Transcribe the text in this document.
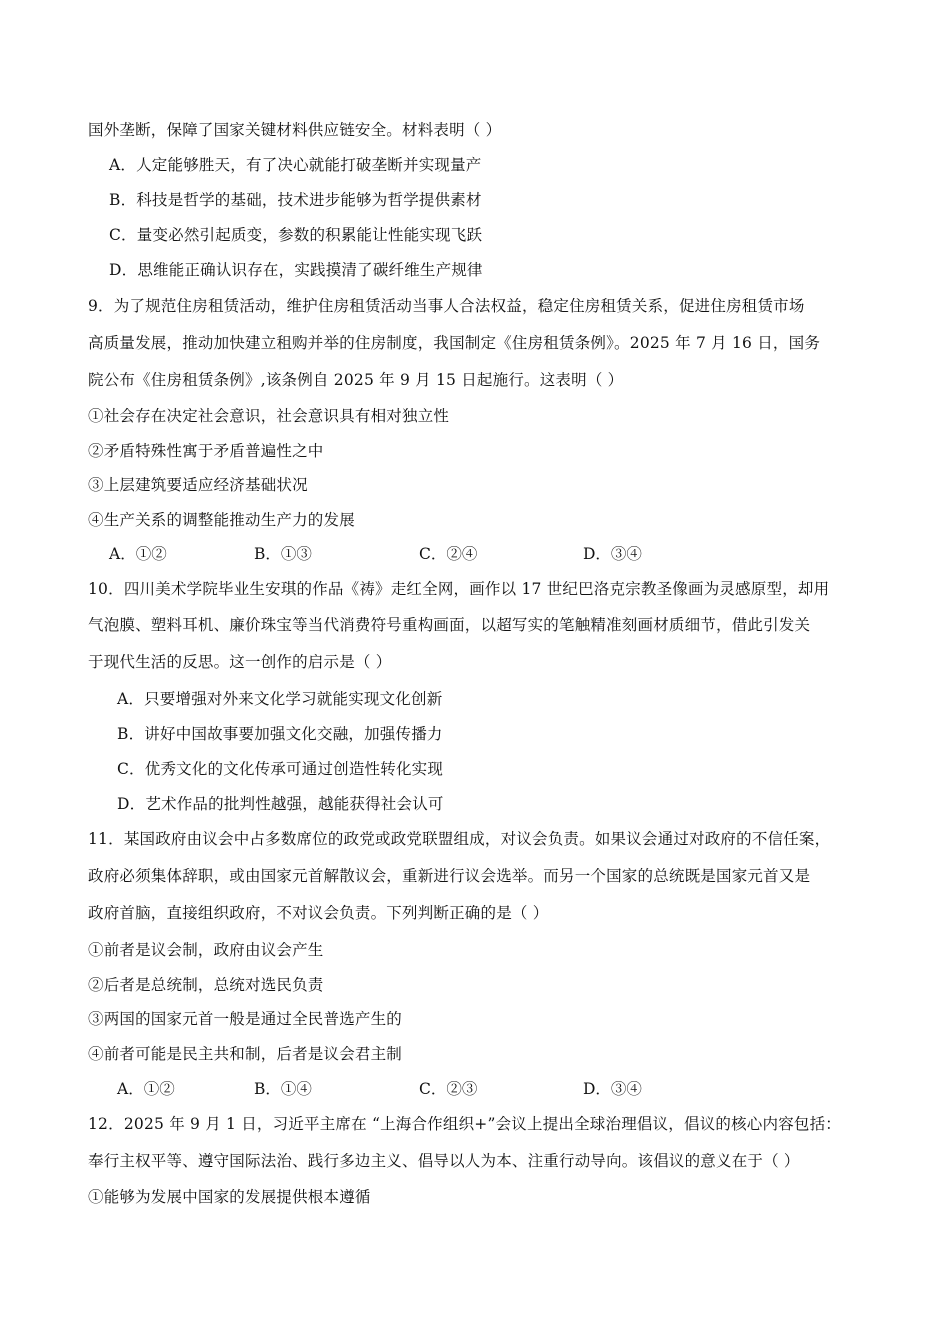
国外垄断，保障了国家关键材料供应链安全。材料表明（ ）
A．人定能够胜天，有了决心就能打破垄断并实现量产
B．科技是哲学的基础，技术进步能够为哲学提供素材
C．量变必然引起质变，参数的积累能让性能实现飞跃
D．思维能正确认识存在，实践摸清了碳纤维生产规律
9．为了规范住房租赁活动，维护住房租赁活动当事人合法权益，稳定住房租赁关系，促进住房租赁市场
高质量发展，推动加快建立租购并举的住房制度，我国制定《住房租赁条例》。2025 年 7 月 16 日，国务
院公布《住房租赁条例》,该条例自 2025 年 9 月 15 日起施行。这表明（ ）
①社会存在决定社会意识，社会意识具有相对独立性
②矛盾特殊性寓于矛盾普遍性之中
③上层建筑要适应经济基础状况
④生产关系的调整能推动生产力的发展
A．①②	B．①③	C．②④	D．③④
10．四川美术学院毕业生安琪的作品《祷》走红全网，画作以 17 世纪巴洛克宗教圣像画为灵感原型，却用
气泡膜、塑料耳机、廉价珠宝等当代消费符号重构画面，以超写实的笔触精准刻画材质细节，借此引发关
于现代生活的反思。这一创作的启示是（ ）
A．只要增强对外来文化学习就能实现文化创新
B．讲好中国故事要加强文化交融，加强传播力
C．优秀文化的文化传承可通过创造性转化实现
D．艺术作品的批判性越强，越能获得社会认可
11．某国政府由议会中占多数席位的政党或政党联盟组成，对议会负责。如果议会通过对政府的不信任案，
政府必须集体辞职，或由国家元首解散议会，重新进行议会选举。而另一个国家的总统既是国家元首又是
政府首脑，直接组织政府，不对议会负责。下列判断正确的是（ ）
①前者是议会制，政府由议会产生
②后者是总统制，总统对选民负责
③两国的国家元首一般是通过全民普选产生的
④前者可能是民主共和制，后者是议会君主制
A．①②	B．①④	C．②③	D．③④
12．2025 年 9 月 1 日，习近平主席在 “上海合作组织+”会议上提出全球治理倡议，倡议的核心内容包括：
奉行主权平等、遵守国际法治、践行多边主义、倡导以人为本、注重行动导向。该倡议的意义在于（ ）
①能够为发展中国家的发展提供根本遵循
